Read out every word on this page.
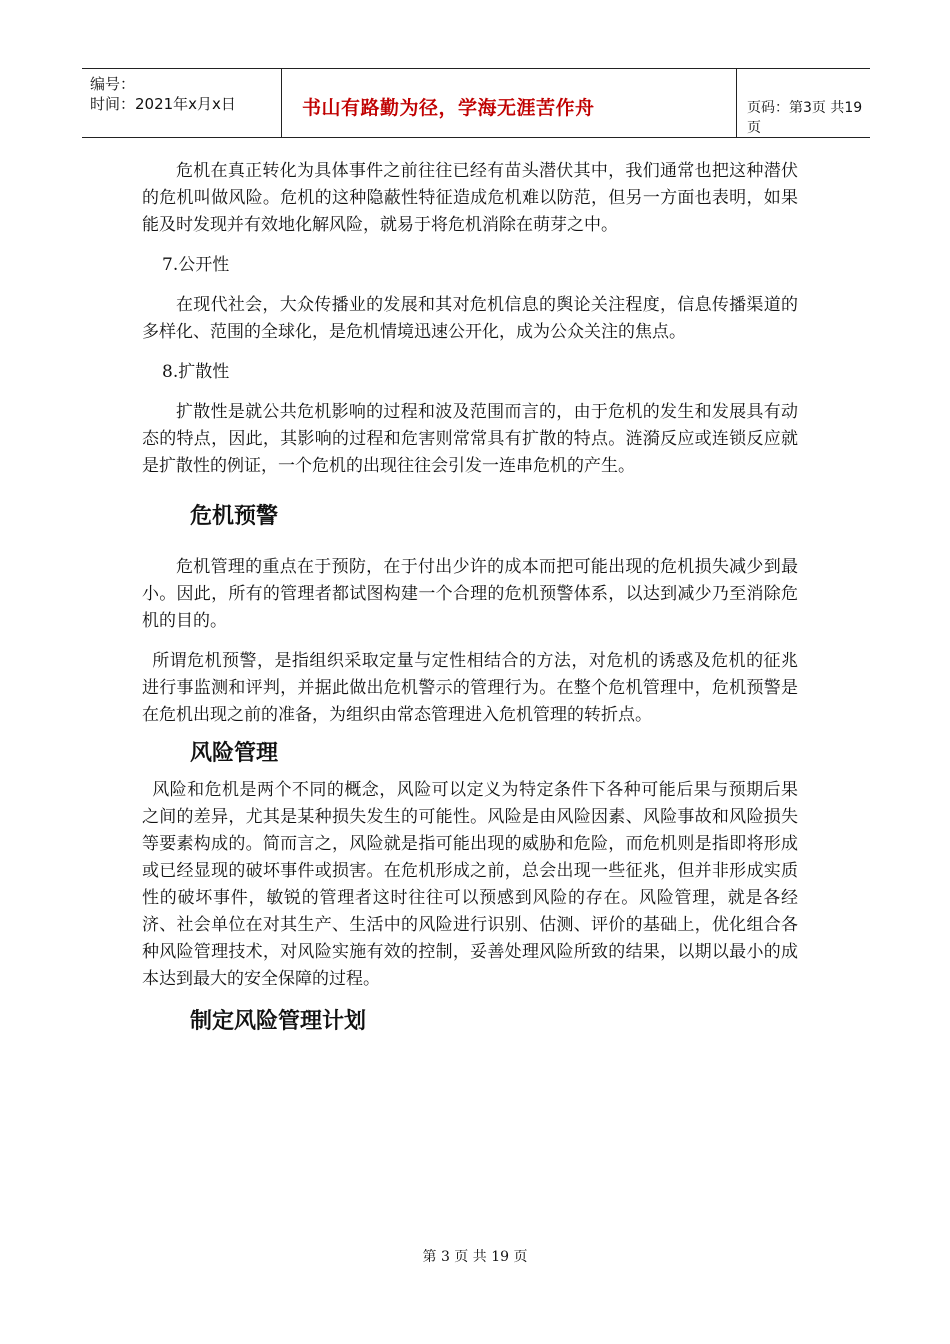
编号：
时间：2021年x月x日	书山有路勤为径，学海无涯苦作舟	页码：第3页 共19页

危机在真正转化为具体事件之前往往已经有苗头潜伏其中，我们通常也把这种潜伏的危机叫做风险。危机的这种隐蔽性特征造成危机难以防范，但另一方面也表明，如果能及时发现并有效地化解风险，就易于将危机消除在萌芽之中。

7.公开性

在现代社会，大众传播业的发展和其对危机信息的舆论关注程度，信息传播渠道的多样化、范围的全球化，是危机情境迅速公开化，成为公众关注的焦点。

8.扩散性

扩散性是就公共危机影响的过程和波及范围而言的，由于危机的发生和发展具有动态的特点，因此，其影响的过程和危害则常常具有扩散的特点。涟漪反应或连锁反应就是扩散性的例证，一个危机的出现往往会引发一连串危机的产生。

危机预警

危机管理的重点在于预防，在于付出少许的成本而把可能出现的危机损失减少到最小。因此，所有的管理者都试图构建一个合理的危机预警体系，以达到减少乃至消除危机的目的。

所谓危机预警，是指组织采取定量与定性相结合的方法，对危机的诱惑及危机的征兆进行事监测和评判，并据此做出危机警示的管理行为。在整个危机管理中，危机预警是在危机出现之前的准备，为组织由常态管理进入危机管理的转折点。

风险管理

风险和危机是两个不同的概念，风险可以定义为特定条件下各种可能后果与预期后果之间的差异，尤其是某种损失发生的可能性。风险是由风险因素、风险事故和风险损失等要素构成的。简而言之，风险就是指可能出现的威胁和危险，而危机则是指即将形成或已经显现的破坏事件或损害。在危机形成之前，总会出现一些征兆，但并非形成实质性的破坏事件，敏锐的管理者这时往往可以预感到风险的存在。风险管理，就是各经济、社会单位在对其生产、生活中的风险进行识别、估测、评价的基础上，优化组合各种风险管理技术，对风险实施有效的控制，妥善处理风险所致的结果，以期以最小的成本达到最大的安全保障的过程。

制定风险管理计划
第 3 页 共 19 页
